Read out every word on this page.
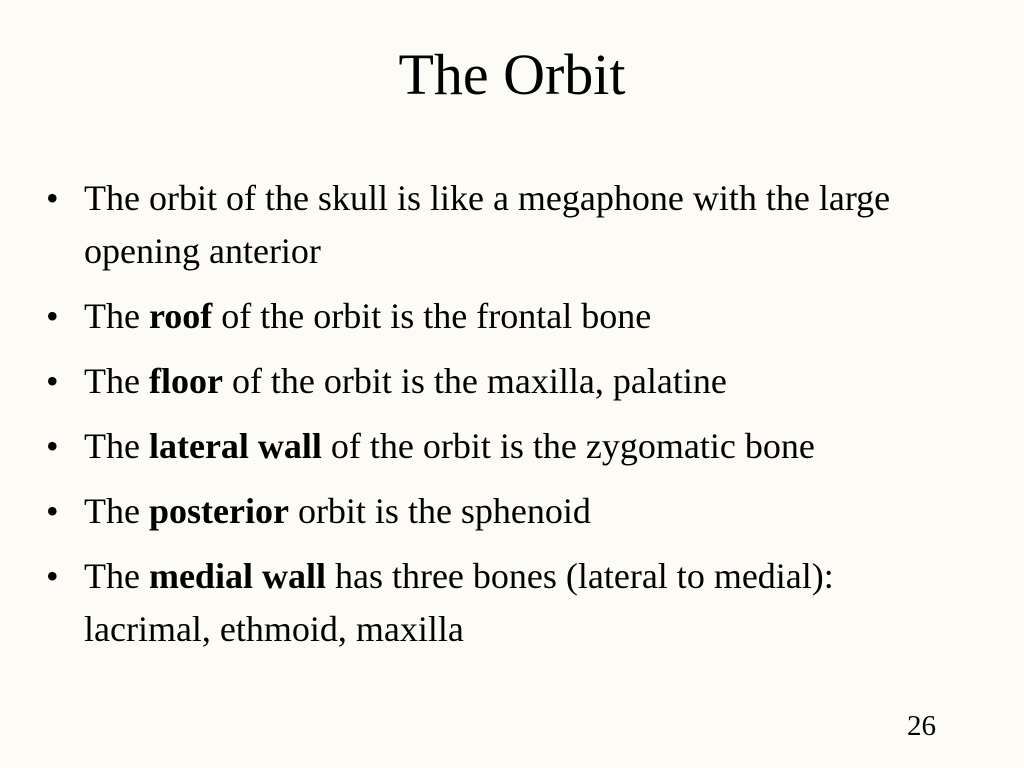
The Orbit
• The orbit of the skull is like a megaphone with the large opening anterior
• The roof of the orbit is the frontal bone
• The floor of the orbit is the maxilla, palatine
• The lateral wall of the orbit is the zygomatic bone
• The posterior orbit is the sphenoid
• The medial wall has three bones (lateral to medial): lacrimal, ethmoid, maxilla
26
